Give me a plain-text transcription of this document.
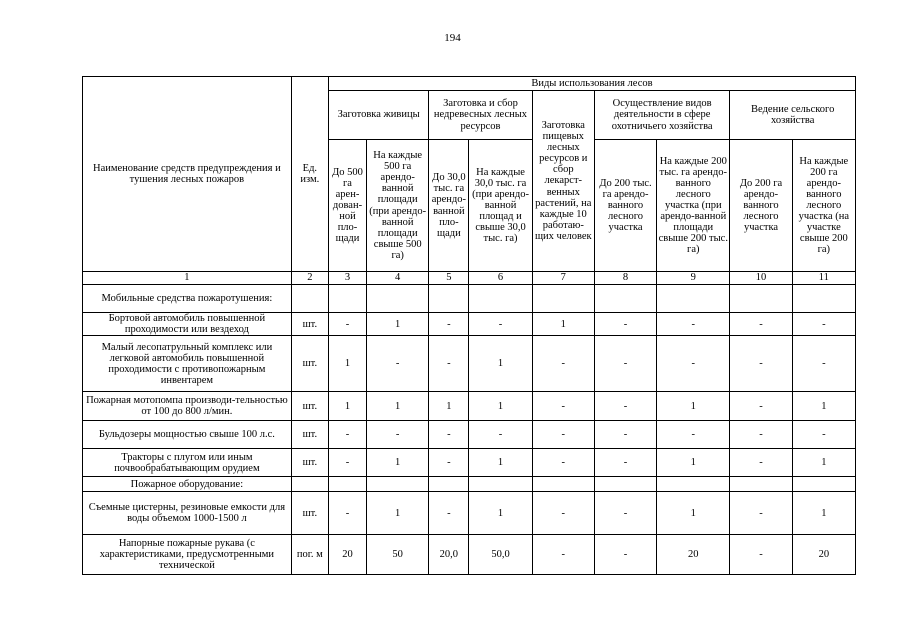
194
Наименование средств предупреждения и тушения лесных пожаров	Ед. изм.	Виды использования лесов								
		Заготовка живицы		Заготовка и сбор недревесных лесных ресурсов		Заготовка пищевых лесных ресурсов и сбор лекарст-венных растений, на каждые 10 работаю-щих человек	Осуществление видов деятельности в сфере охотничьего хозяйства		Ведение сельского хозяйства	
		До 500 га арен-дован-ной пло-щади	На каждые 500 га арендо-ванной площади (при арендо-ванной площади свыше 500 га)	До 30,0 тыс. га арендо-ванной пло-щади	На каждые 30,0 тыс. га (при арендо-ванной площад и свыше 30,0 тыс. га)		До 200 тыс. га арендо-ванного лесного участка	На каждые 200 тыс. га арендо-ванного лесного участка (при арендо-ванной площади свыше 200 тыс. га)	До 200 га арендо-ванного лесного участка	На каждые 200 га арендо-ванного лесного участка (на участке свыше 200 га)
1	2	3	4	5	6	7	8	9	10	11
Мобильные средства пожаротушения:										
Бортовой автомобиль повышенной проходимости или вездеход	шт.	-	1	-	-	1	-	-	-	-
Малый лесопатрульный комплекс или легковой автомобиль повышенной проходимости с противопожарным инвентарем	шт.	1	-	-	1	-	-	-	-	-
Пожарная мотопомпа производи-тельностью от 100 до 800 л/мин.	шт.	1	1	1	1	-	-	1	-	1
Бульдозеры мощностью свыше 100 л.с.	шт.	-	-	-	-	-	-	-	-	-
Тракторы с плугом или иным почвообрабатывающим орудием	шт.	-	1	-	1	-	-	1	-	1
Пожарное оборудование:										
Съемные цистерны, резиновые емкости для воды объемом 1000-1500 л	шт.	-	1	-	1	-	-	1	-	1
Напорные пожарные рукава (с характеристиками, предусмотренными технической	пог. м	20	50	20,0	50,0	-	-	20	-	20
